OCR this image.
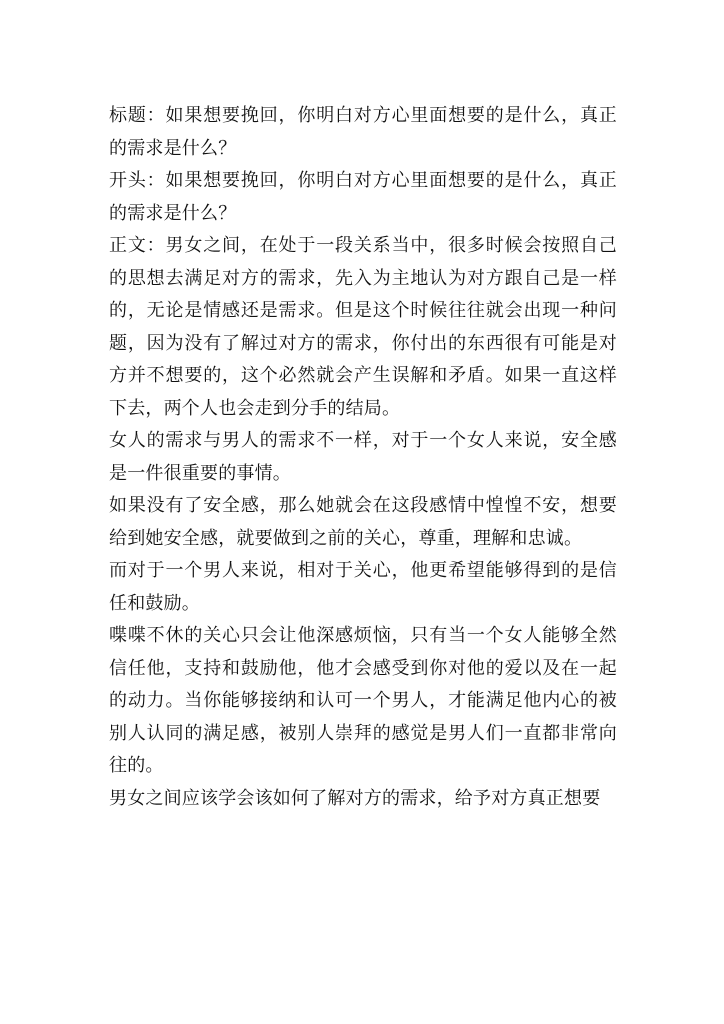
标题：如果想要挽回，你明白对方心里面想要的是什么，真正的需求是什么？

开头：如果想要挽回，你明白对方心里面想要的是什么，真正的需求是什么？

正文：男女之间，在处于一段关系当中，很多时候会按照自己的思想去满足对方的需求，先入为主地认为对方跟自己是一样的，无论是情感还是需求。但是这个时候往往就会出现一种问题，因为没有了解过对方的需求，你付出的东西很有可能是对方并不想要的，这个必然就会产生误解和矛盾。如果一直这样下去，两个人也会走到分手的结局。

女人的需求与男人的需求不一样，对于一个女人来说，安全感是一件很重要的事情。

如果没有了安全感，那么她就会在这段感情中惶惶不安，想要给到她安全感，就要做到之前的关心，尊重，理解和忠诚。

而对于一个男人来说，相对于关心，他更希望能够得到的是信任和鼓励。

喋喋不休的关心只会让他深感烦恼，只有当一个女人能够全然信任他，支持和鼓励他，他才会感受到你对他的爱以及在一起的动力。当你能够接纳和认可一个男人，才能满足他内心的被别人认同的满足感，被别人崇拜的感觉是男人们一直都非常向往的。

男女之间应该学会该如何了解对方的需求，给予对方真正想要
